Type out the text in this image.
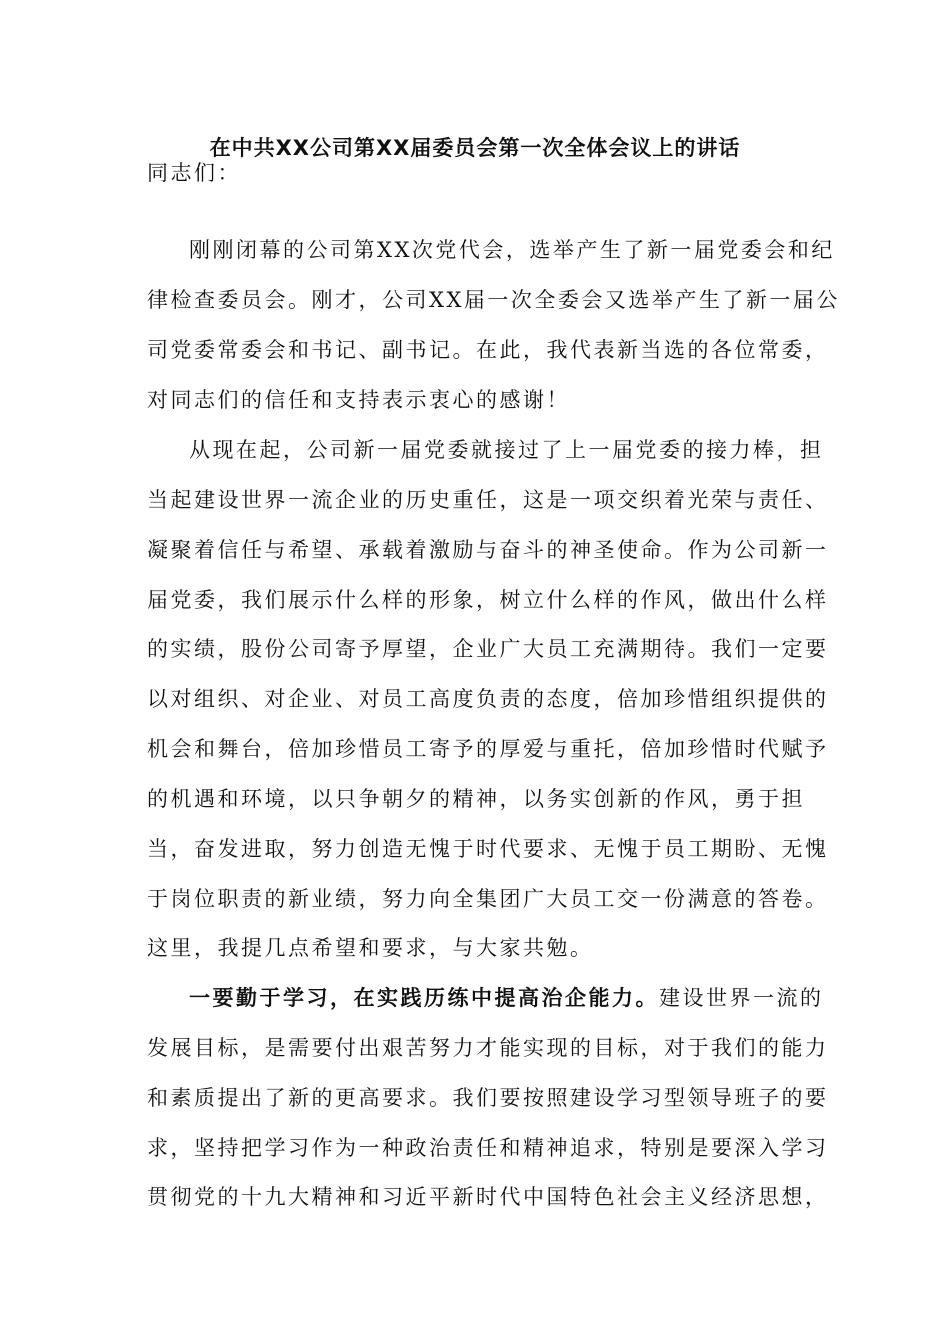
在中共XX公司第XX届委员会第一次全体会议上的讲话
同志们：
刚刚闭幕的公司第XX次党代会，选举产生了新一届党委会和纪
律检查委员会。刚才，公司XX届一次全委会又选举产生了新一届公
司党委常委会和书记、副书记。在此，我代表新当选的各位常委，
对同志们的信任和支持表示衷心的感谢！
从现在起，公司新一届党委就接过了上一届党委的接力棒，担
当起建设世界一流企业的历史重任，这是一项交织着光荣与责任、
凝聚着信任与希望、承载着激励与奋斗的神圣使命。作为公司新一
届党委，我们展示什么样的形象，树立什么样的作风，做出什么样
的实绩，股份公司寄予厚望，企业广大员工充满期待。我们一定要
以对组织、对企业、对员工高度负责的态度，倍加珍惜组织提供的
机会和舞台，倍加珍惜员工寄予的厚爱与重托，倍加珍惜时代赋予
的机遇和环境，以只争朝夕的精神，以务实创新的作风，勇于担
当，奋发进取，努力创造无愧于时代要求、无愧于员工期盼、无愧
于岗位职责的新业绩，努力向全集团广大员工交一份满意的答卷。
这里，我提几点希望和要求，与大家共勉。
一要勤于学习，在实践历练中提高治企能力。建设世界一流的
发展目标，是需要付出艰苦努力才能实现的目标，对于我们的能力
和素质提出了新的更高要求。我们要按照建设学习型领导班子的要
求，坚持把学习作为一种政治责任和精神追求，特别是要深入学习
贯彻党的十九大精神和习近平新时代中国特色社会主义经济思想，
